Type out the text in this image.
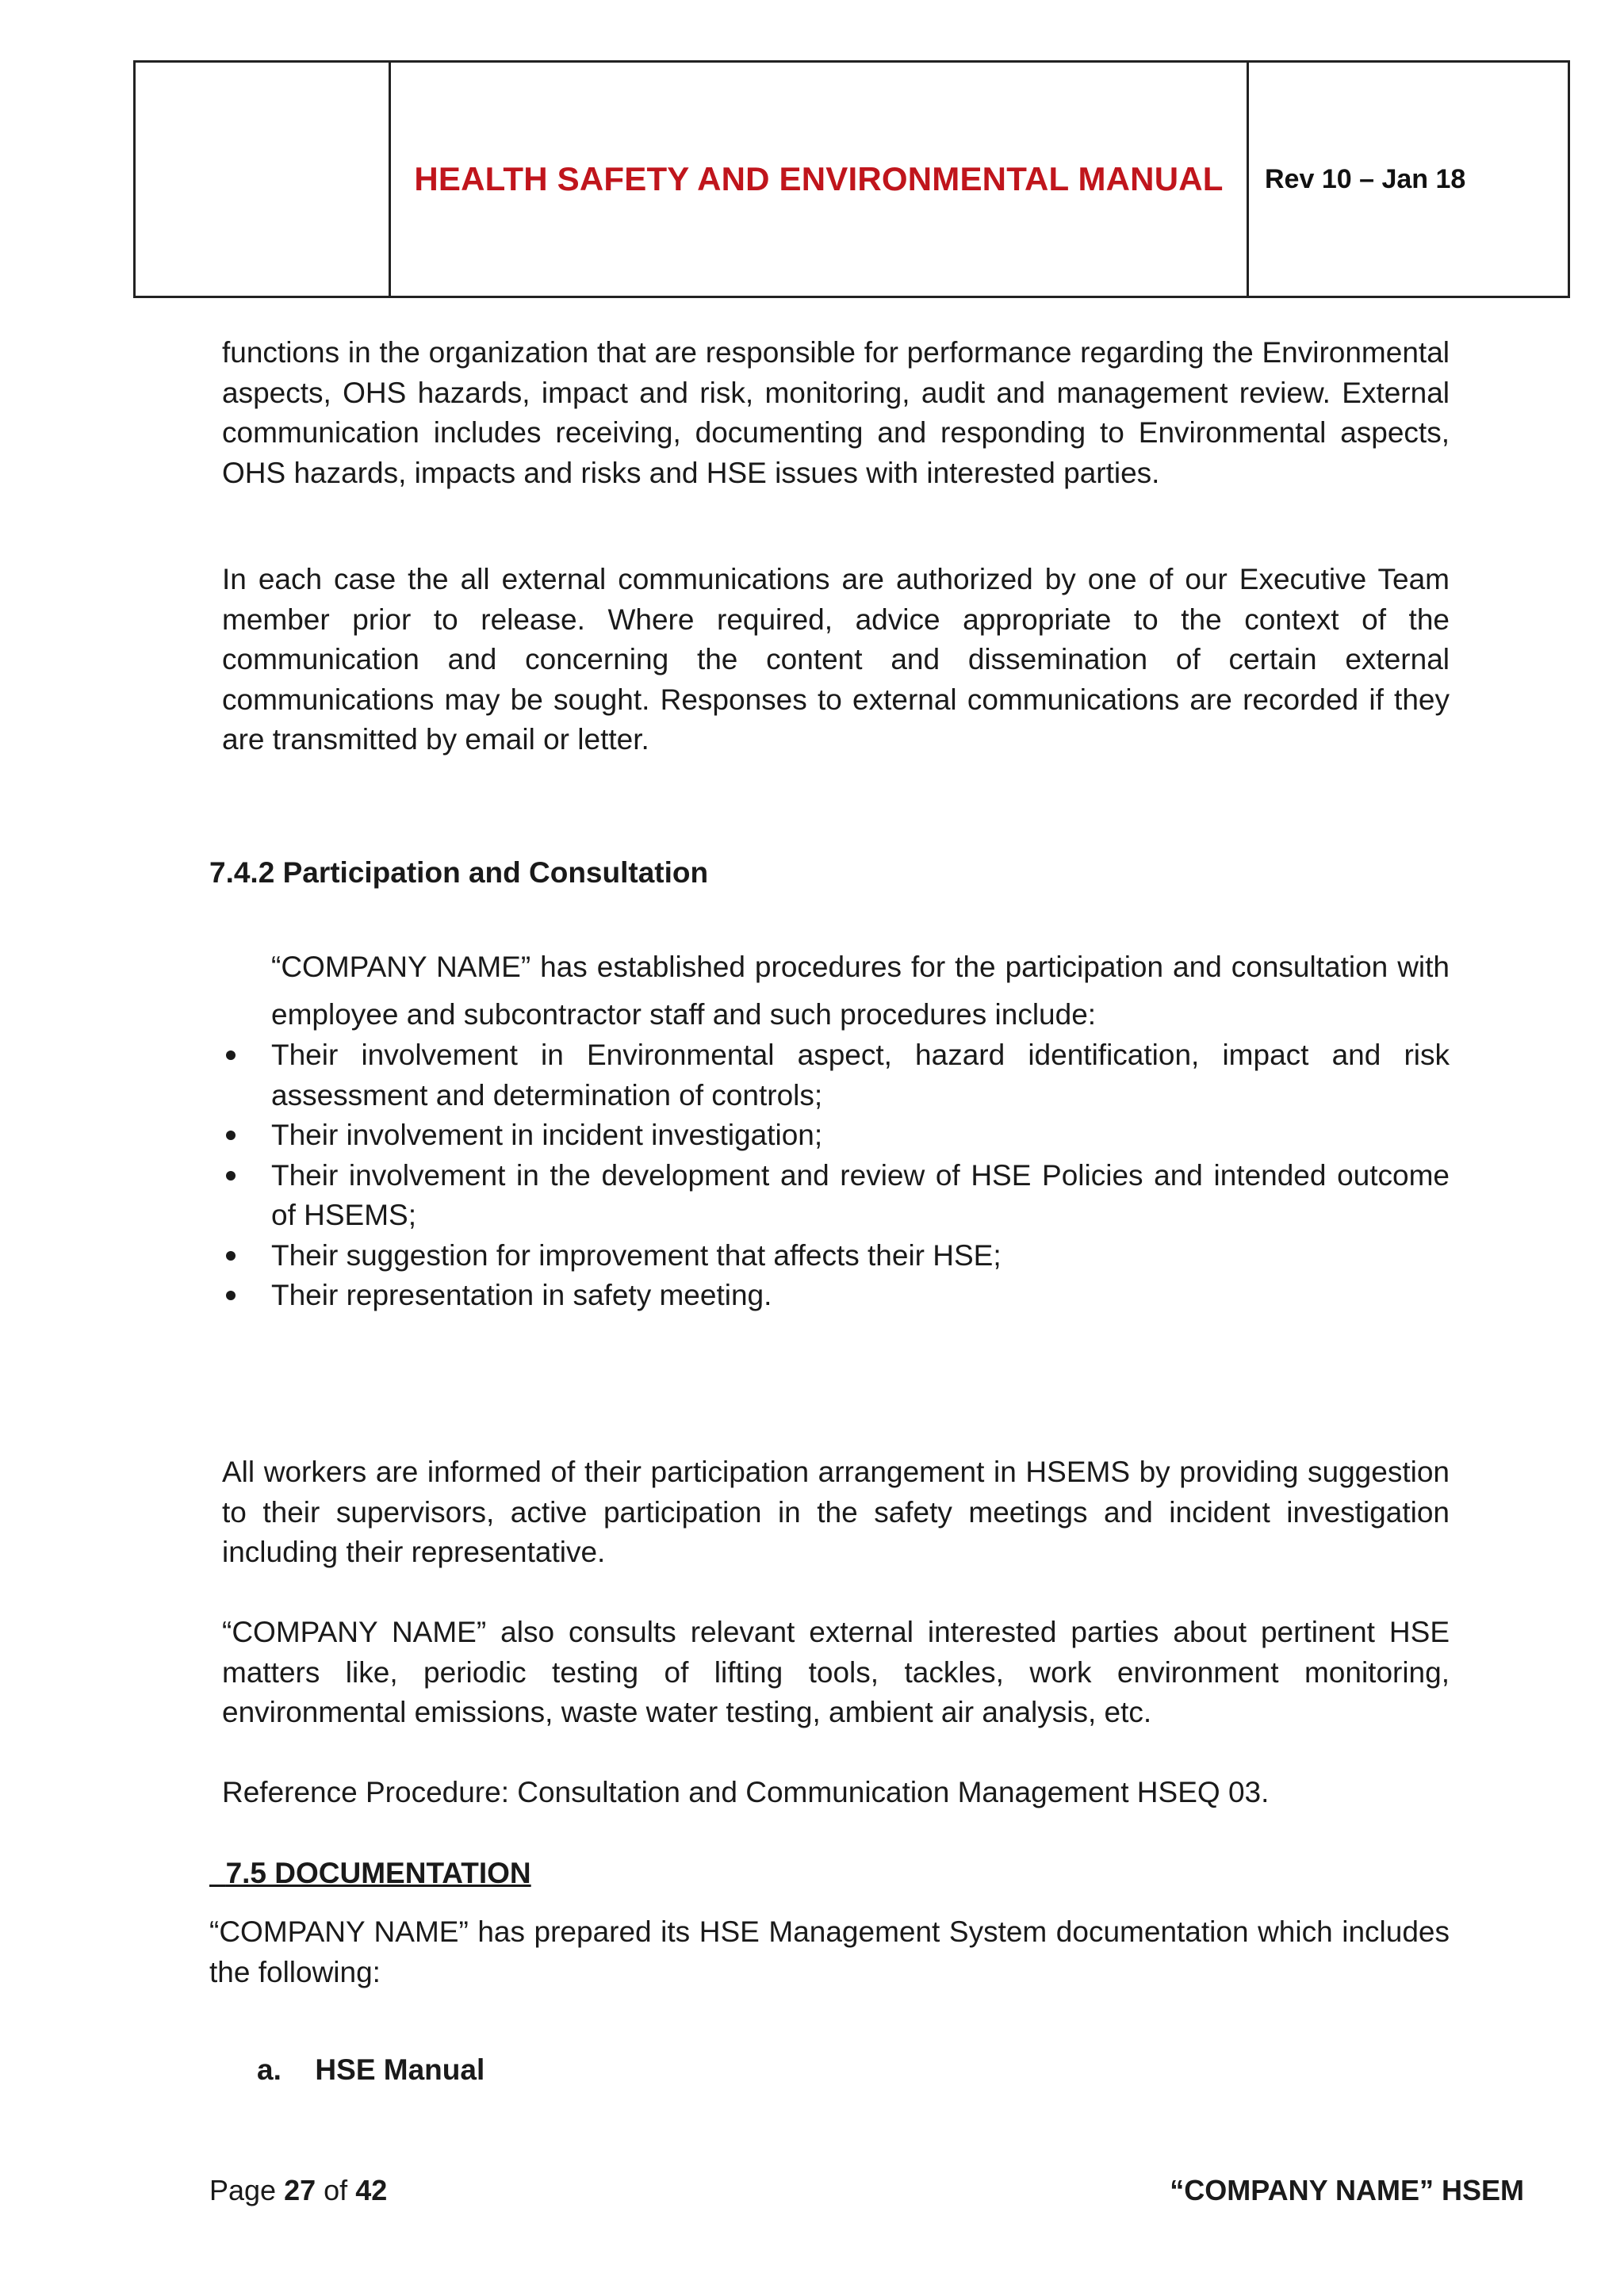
HEALTH SAFETY AND ENVIRONMENTAL MANUAL Rev 10 – Jan 18

functions in the organization that are responsible for performance regarding the Environmental aspects, OHS hazards, impact and risk, monitoring, audit and management review. External communication includes receiving, documenting and responding to Environmental aspects, OHS hazards, impacts and risks and HSE issues with interested parties.

In each case the all external communications are authorized by one of our Executive Team member prior to release. Where required, advice appropriate to the context of the communication and concerning the content and dissemination of certain external communications may be sought. Responses to external communications are recorded if they are transmitted by email or letter.

7.4.2 Participation and Consultation

“COMPANY NAME” has established procedures for the participation and consultation with employee and subcontractor staff and such procedures include:

Their involvement in Environmental aspect, hazard identification, impact and risk assessment and determination of controls;
Their involvement in incident investigation;
Their involvement in the development and review of HSE Policies and intended outcome of HSEMS;
Their suggestion for improvement that affects their HSE;
Their representation in safety meeting.

All workers are informed of their participation arrangement in HSEMS by providing suggestion to their supervisors, active participation in the safety meetings and incident investigation including their representative.

“COMPANY NAME” also consults relevant external interested parties about pertinent HSE matters like, periodic testing of lifting tools, tackles, work environment monitoring, environmental emissions, waste water testing, ambient air analysis, etc.

Reference Procedure: Consultation and Communication Management HSEQ 03.

7.5 DOCUMENTATION

“COMPANY NAME” has prepared its HSE Management System documentation which includes the following:

a. HSE Manual
Page 27 of 42	“COMPANY NAME” HSEM
